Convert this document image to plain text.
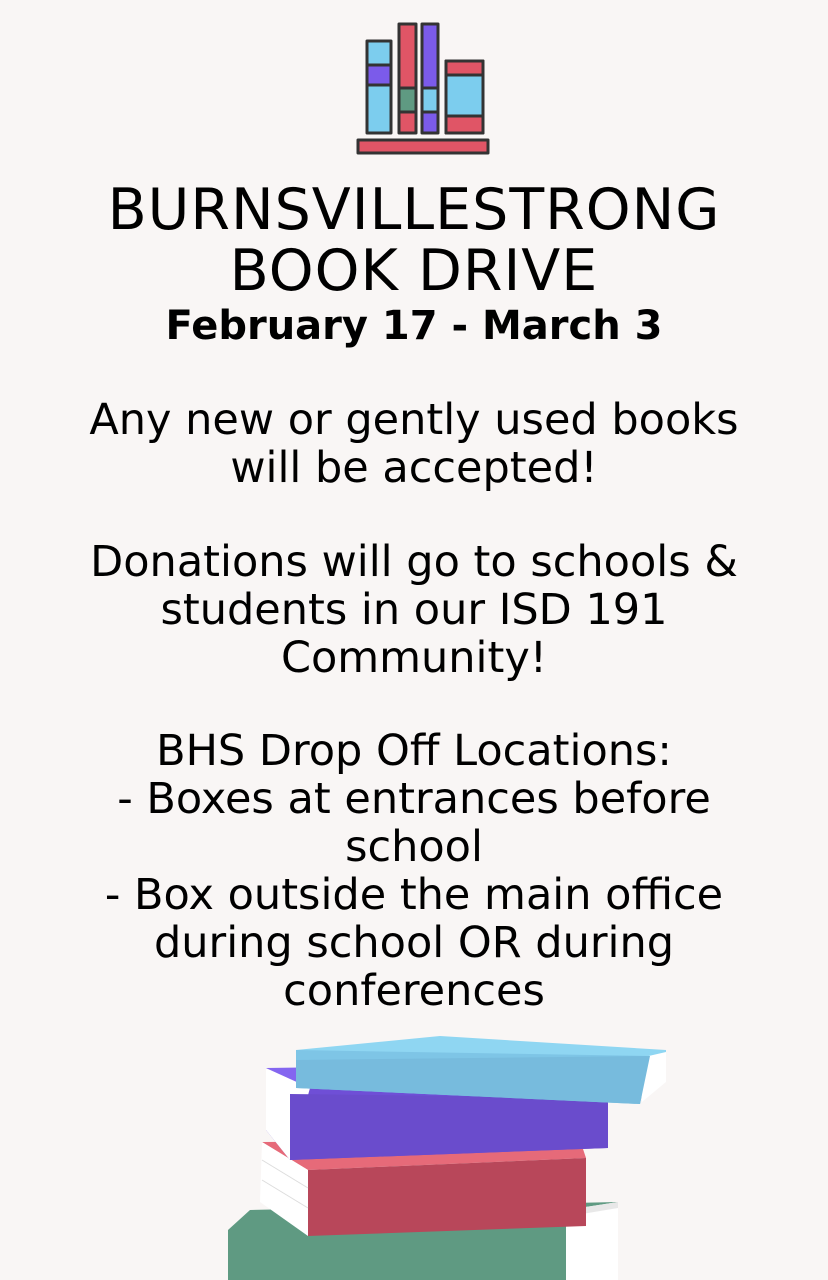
BURNSVILLESTRONG
BOOK DRIVE
February 17 - March 3
Any new or gently used books
will be accepted!
Donations will go to schools &
students in our ISD 191
Community!
BHS Drop Off Locations:
- Boxes at entrances before
school
- Box outside the main office
during school OR during
conferences
